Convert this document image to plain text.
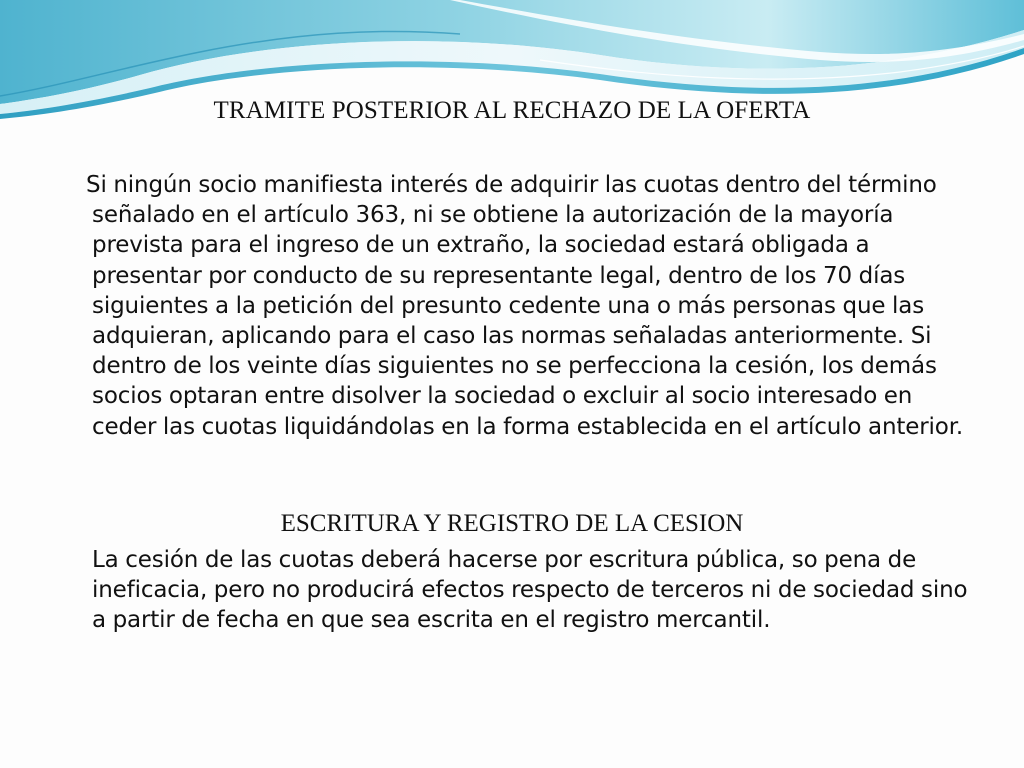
TRAMITE POSTERIOR AL RECHAZO DE LA OFERTA

Si ningún socio manifiesta interés de adquirir las cuotas dentro del término señalado en el artículo 363, ni se obtiene la autorización de la mayoría prevista para el ingreso de un extraño, la sociedad estará obligada a presentar por conducto de su representante legal, dentro de los 70 días siguientes a la petición del presunto cedente una o más personas que las adquieran, aplicando para el caso las normas señaladas anteriormente. Si dentro de los veinte días siguientes no se perfecciona la cesión, los demás socios optaran entre disolver la sociedad o excluir al socio interesado en ceder las cuotas liquidándolas en la forma establecida en el artículo anterior.

ESCRITURA Y REGISTRO DE LA CESION

La cesión de las cuotas deberá hacerse por escritura pública, so pena de ineficacia, pero no producirá efectos respecto de terceros ni de sociedad sino a partir de fecha en que sea escrita en el registro mercantil.
